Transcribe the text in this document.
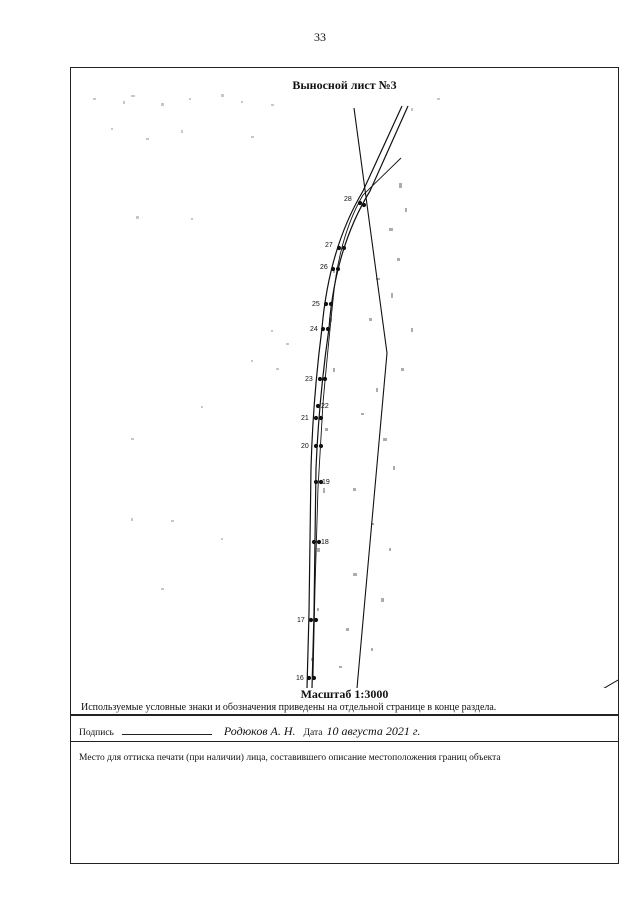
33
16
17
18
19
20
21
22
23
24
25
26
27
28
Выносной лист №3
Масштаб 1:3000
Используемые условные знаки и обозначения приведены на отдельной странице в конце раздела.
Подпись	Родюков А. Н. Дата 10 августа 2021 г.
Место для оттиска печати (при наличии) лица, составившего описание местоположения границ объекта
